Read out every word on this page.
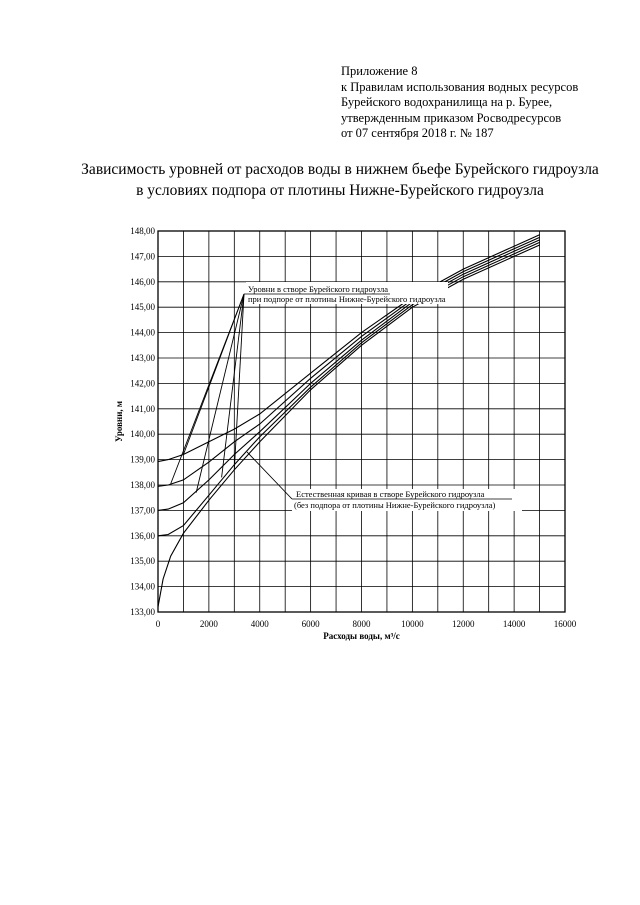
Приложение 8
к Правилам использования водных ресурсов
Бурейского водохранилища на р. Бурее,
утвержденным приказом Росводресурсов
от 07 сентября 2018 г. № 187
Зависимость уровней от расходов воды в нижнем бьефе Бурейского гидроузла
в условиях подпора от плотины Нижне-Бурейского гидроузла
133,00
134,00
135,00
136,00
137,00
138,00
139,00
140,00
141,00
142,00
143,00
144,00
145,00
146,00
147,00
148,00
0	2000	4000	6000	8000	10000	12000	14000	16000
Расходы воды, м³/с
Уровни, м
Уровни в створе Бурейского гидроузла
при подпоре от плотины Нижне-Бурейского гидроузла
Естественная кривая в створе Бурейского гидроузла
(без подпора от плотины Нижне-Бурейского гидроузла)
